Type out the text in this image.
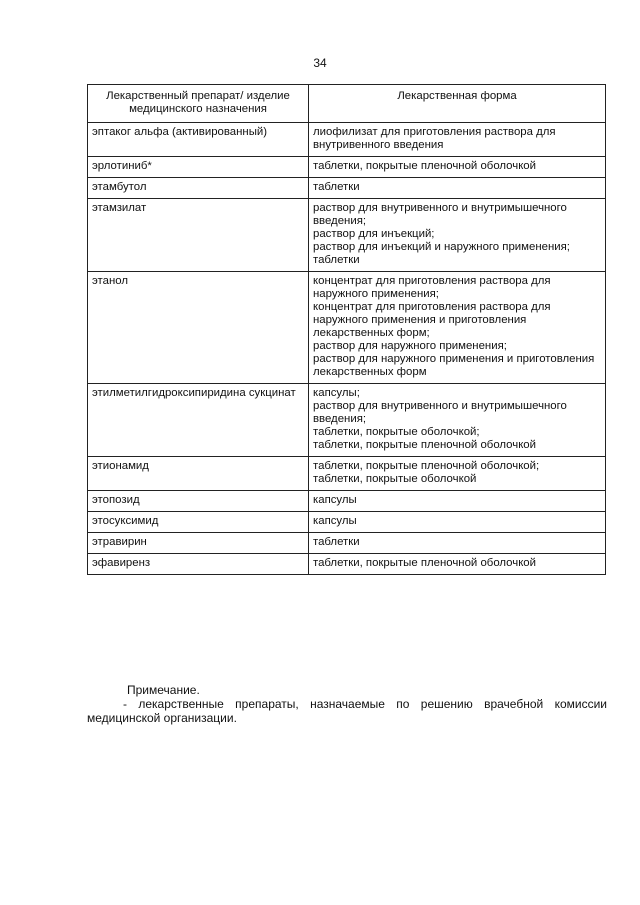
34
Лекарственный препарат/ изделие медицинского назначения	Лекарственная форма
эптаког альфа (активированный)	лиофилизат для приготовления раствора для внутривенного введения

эрлотиниб*	таблетки, покрытые пленочной оболочкой

этамбутол	таблетки

этамзилат	раствор для внутривенного и внутримышечного введения;
раствор для инъекций;
раствор для инъекций и наружного применения;
таблетки

этанол	концентрат для приготовления раствора для наружного применения;
концентрат для приготовления раствора для наружного применения и приготовления лекарственных форм;
раствор для наружного применения;
раствор для наружного применения и приготовления лекарственных форм

этилметилгидроксипиридина сукцинат	капсулы;
раствор для внутривенного и внутримышечного введения;
таблетки, покрытые оболочкой;
таблетки, покрытые пленочной оболочкой

этионамид	таблетки, покрытые пленочной оболочкой;
таблетки, покрытые оболочкой

этопозид	капсулы

этосуксимид	капсулы

этравирин	таблетки

эфавиренз	таблетки, покрытые пленочной оболочкой
Примечание.
- лекарственные препараты, назначаемые по решению врачебной комиссии медицинской организации.
